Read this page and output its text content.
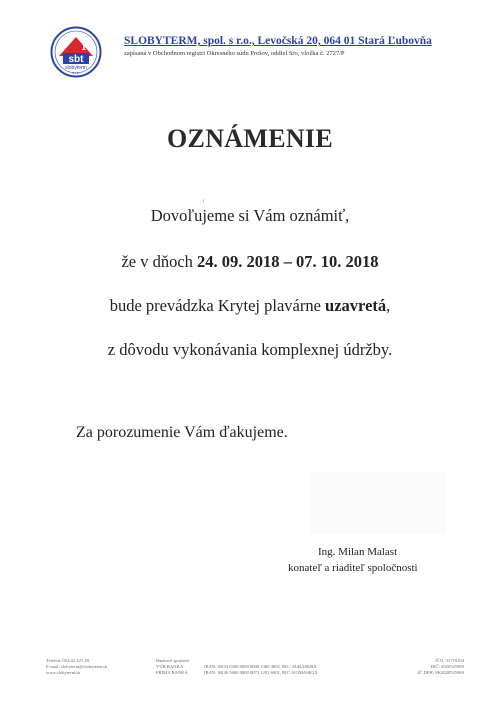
1
sbt
slobyterm
s.r.o.
SLOBYTERM, spol. s r.o., Levočská 20, 064 01 Stará Ľubovňa
zapísaná v Obchodnom registri Okresného súdu Prešov, oddiel Sro, vložka č. 2727/P
OZNÁMENIE
Dovoľujeme si Vám oznámiť,
že v dňoch 24. 09. 2018 – 07. 10. 2018
bude prevádzka Krytej plavárne uzavretá,
z dôvodu vykonávania komplexnej údržby.
Za porozumenie Vám ďakujeme.
Ing. Milan Malast
konateľ a riaditeľ spoločnosti
Telefón: 052/42 421 20
E-mail: slobyterm@slobyterm.sk
www.slobyterm.sk
Bankové spojenie:
VÚB BANKA	IBAN: SK33 0200 0000 0000 1300 4602, BIC: SUBASKBX
PRIMA BANKA	IBAN: SK46 5600 0000 0075 1292 6001, BIC: KOMASK2X
IČO: 31719104
DIČ: 2020525969
IČ DPH: SK2020525969
